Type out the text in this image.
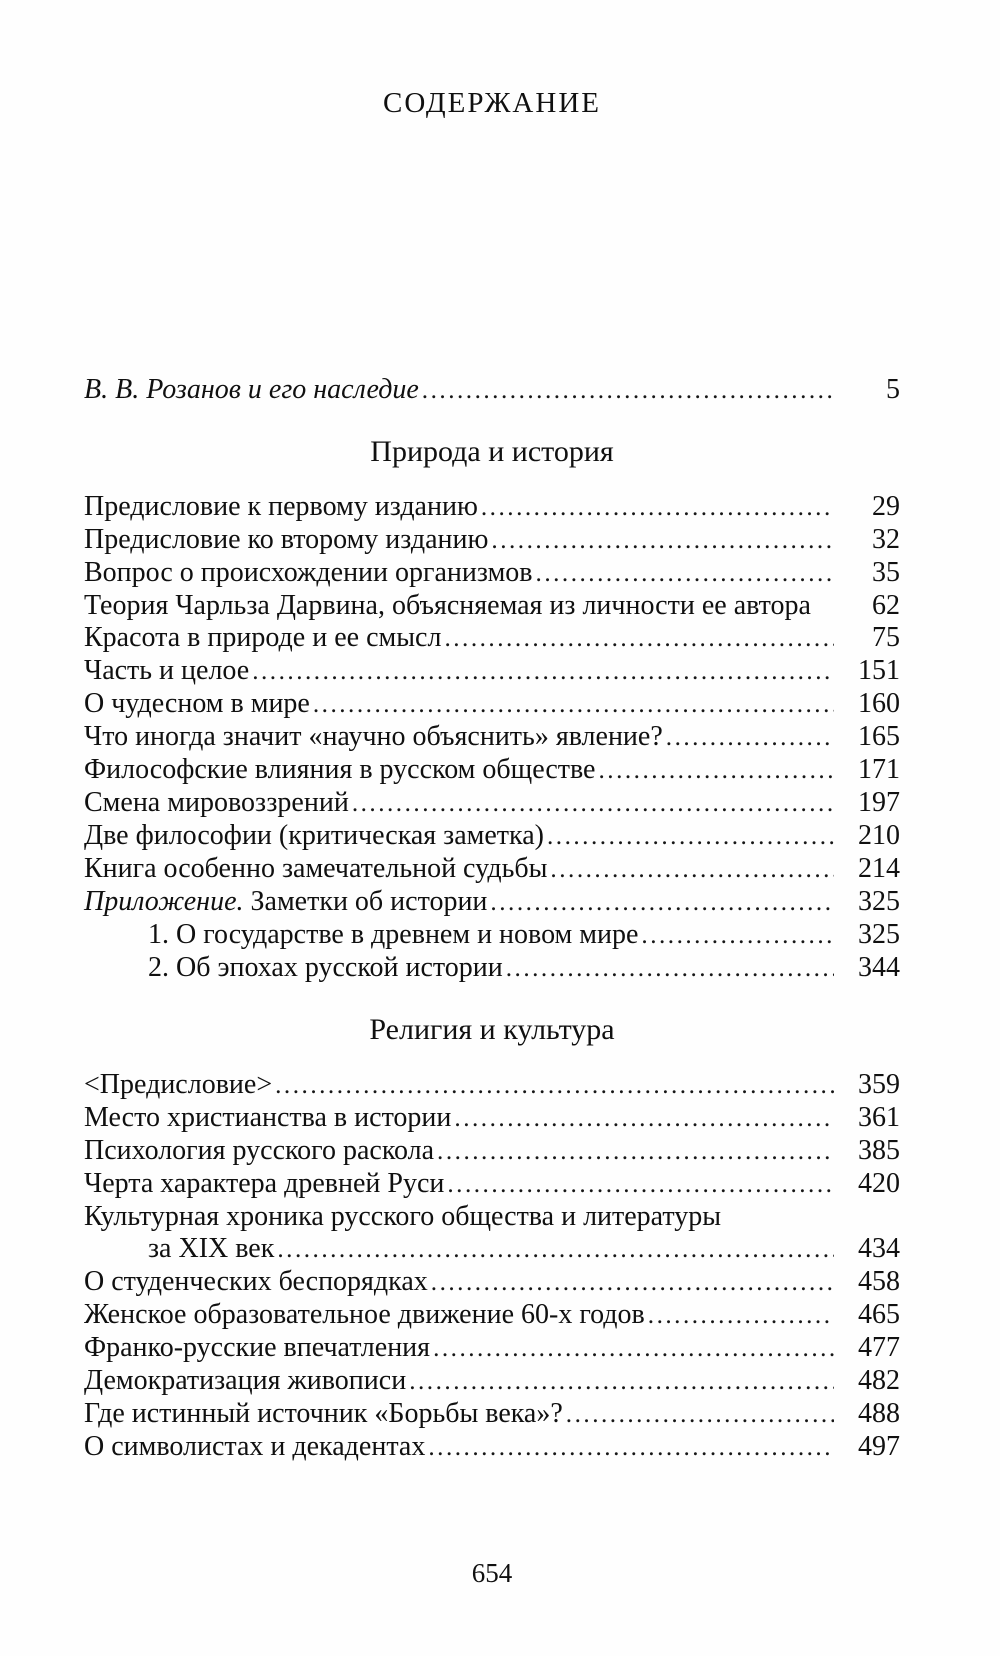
СОДЕРЖАНИЕ
В. В. Розанов и его наследие .....	5
Природа и история
Предисловие к первому изданию .....	29
Предисловие ко второму изданию .....	32
Вопрос о происхождении организмов .....	35
Теория Чарльза Дарвина, объясняемая из личности ее автора	62
Красота в природе и ее смысл .....	75
Часть и целое .....	151
О чудесном в мире .....	160
Что иногда значит «научно объяснить» явление? .....	165
Философские влияния в русском обществе .....	171
Смена мировоззрений .....	197
Две философии (критическая заметка) .....	210
Книга особенно замечательной судьбы .....	214
Приложение. Заметки об истории .....	325
1. О государстве в древнем и новом мире .....	325
2. Об эпохах русской истории .....	344
Религия и культура
<Предисловие> .....	359
Место христианства в истории .....	361
Психология русского раскола .....	385
Черта характера древней Руси .....	420
Культурная хроника русского общества и литературы
за XIX век .....	434
О студенческих беспорядках .....	458
Женское образовательное движение 60-х годов .....	465
Франко-русские впечатления .....	477
Демократизация живописи .....	482
Где истинный источник «Борьбы века»? .....	488
О символистах и декадентах .....	497
654
